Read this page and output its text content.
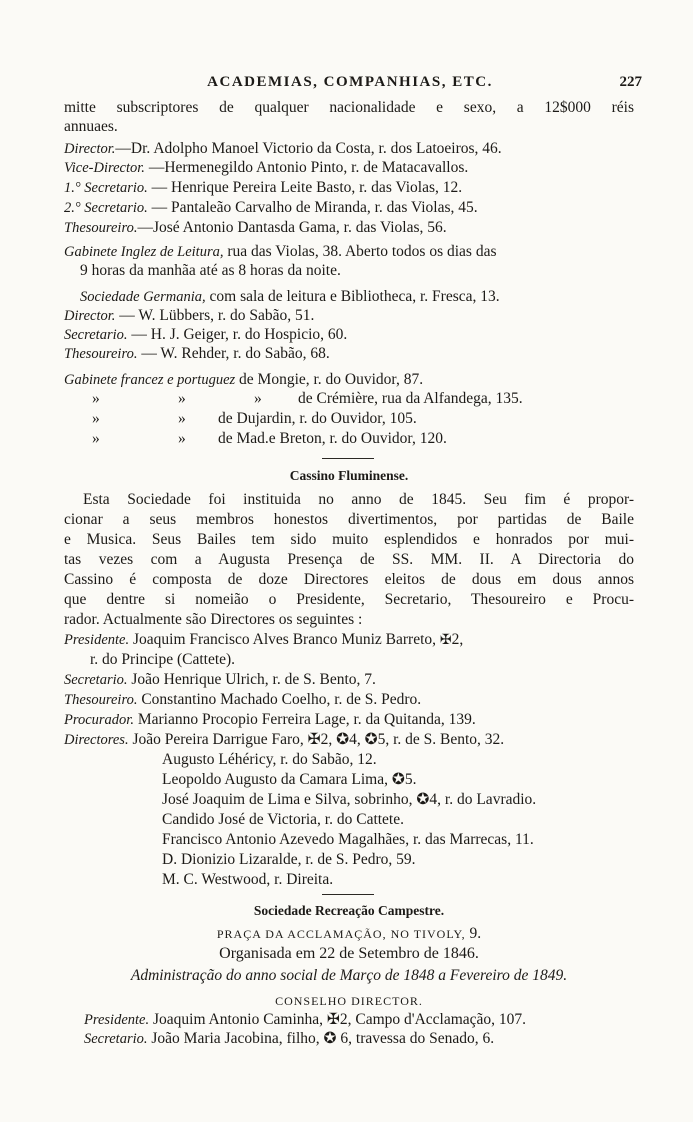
ACADEMIAS, COMPANHIAS, ETC.	227
mitte subscriptores de qualquer nacionalidade e sexo, a 12$000 réis
annuaes.
Director.—Dr. Adolpho Manoel Victorio da Costa, r. dos Latoeiros, 46.
Vice-Director. —Hermenegildo Antonio Pinto, r. de Matacavallos.
1.° Secretario. — Henrique Pereira Leite Basto, r. das Violas, 12.
2.° Secretario. — Pantaleão Carvalho de Miranda, r. das Violas, 45.
Thesoureiro.—José Antonio Dantasda Gama, r. das Violas, 56.
Gabinete Inglez de Leitura, rua das Violas, 38. Aberto todos os dias das
9 horas da manhãa até as 8 horas da noite.
Sociedade Germania, com sala de leitura e Bibliotheca, r. Fresca, 13.
Director. — W. Lübbers, r. do Sabão, 51.
Secretario. — H. J. Geiger, r. do Hospicio, 60.
Thesoureiro. — W. Rehder, r. do Sabão, 68.
Gabinete francez e portuguez de Mongie, r. do Ouvidor, 87.
»	»	» de Crémière, rua da Alfandega, 135.
»	» de Dujardin, r. do Ouvidor, 105.
»	» de Mad.e Breton, r. do Ouvidor, 120.
Cassino Fluminense.
Esta Sociedade foi instituida no anno de 1845. Seu fim é propor-
cionar a seus membros honestos divertimentos, por partidas de Baile
e Musica. Seus Bailes tem sido muito esplendidos e honrados por mui-
tas vezes com a Augusta Presença de SS. MM. II. A Directoria do
Cassino é composta de doze Directores eleitos de dous em dous annos
que dentre si nomeião o Presidente, Secretario, Thesoureiro e Procu-
rador. Actualmente são Directores os seguintes :
Presidente. Joaquim Francisco Alves Branco Muniz Barreto, ✠2,
r. do Principe (Cattete).
Secretario. João Henrique Ulrich, r. de S. Bento, 7.
Thesoureiro. Constantino Machado Coelho, r. de S. Pedro.
Procurador. Marianno Procopio Ferreira Lage, r. da Quitanda, 139.
Directores. João Pereira Darrigue Faro, ✠2, ✪4, ✪5, r. de S. Bento, 32.
Augusto Léhéricy, r. do Sabão, 12.
Leopoldo Augusto da Camara Lima, ✪5.
José Joaquim de Lima e Silva, sobrinho, ✪4, r. do Lavradio.
Candido José de Victoria, r. do Cattete.
Francisco Antonio Azevedo Magalhães, r. das Marrecas, 11.
D. Dionizio Lizaralde, r. de S. Pedro, 59.
M. C. Westwood, r. Direita.
Sociedade Recreação Campestre.
PRAÇA DA ACCLAMAÇÃO, NO TIVOLY, 9.
Organisada em 22 de Setembro de 1846.
Administração do anno social de Março de 1848 a Fevereiro de 1849.
CONSELHO DIRECTOR.
Presidente. Joaquim Antonio Caminha, ✠2, Campo d'Acclamação, 107.
Secretario. João Maria Jacobina, filho, ✪ 6, travessa do Senado, 6.
